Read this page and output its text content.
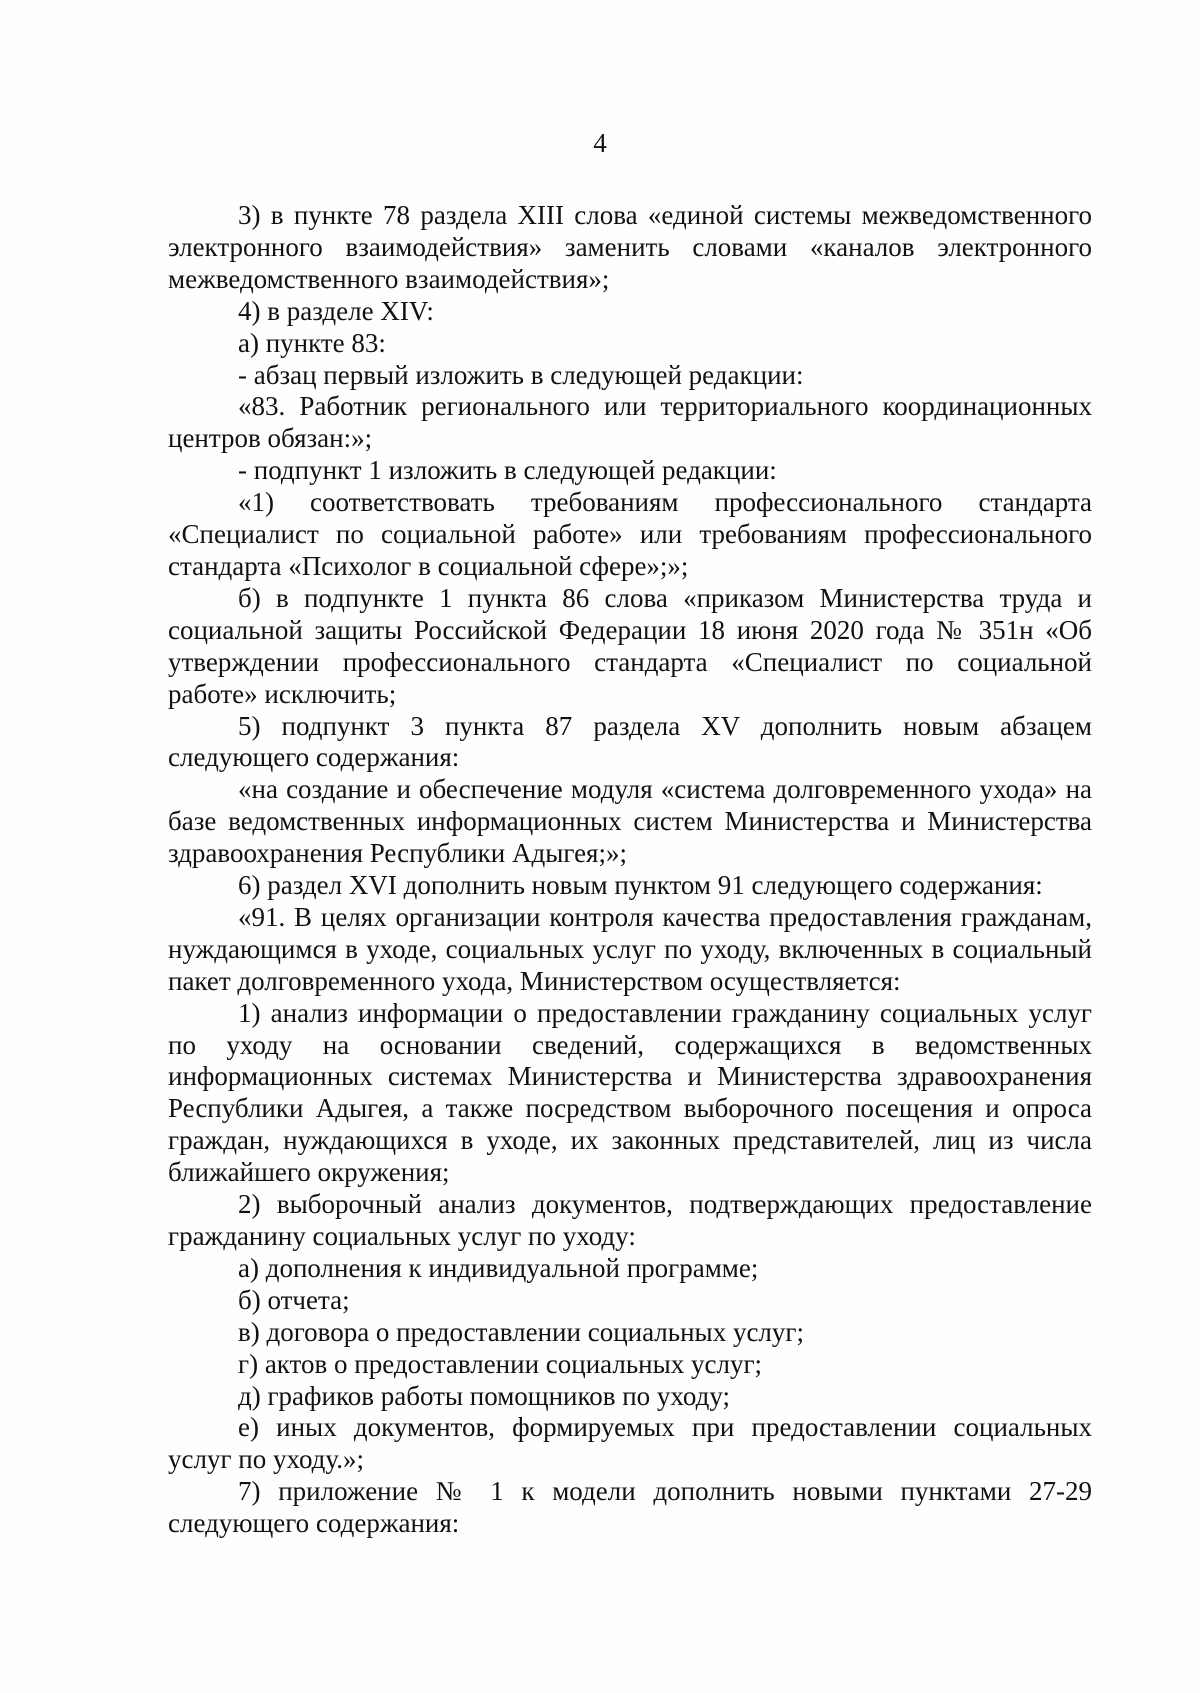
4

3) в пункте 78 раздела XIII слова «единой системы межведомственного электронного взаимодействия» заменить словами «каналов электронного межведомственного взаимодействия»;

4) в разделе XIV:

а) пункте 83:

- абзац первый изложить в следующей редакции:

«83. Работник регионального или территориального координационных центров обязан:»;

- подпункт 1 изложить в следующей редакции:

«1) соответствовать требованиям профессионального стандарта «Специалист по социальной работе» или требованиям профессионального стандарта «Психолог в социальной сфере»;»;

б) в подпункте 1 пункта 86 слова «приказом Министерства труда и социальной защиты Российской Федерации 18 июня 2020 года № 351н «Об утверждении профессионального стандарта «Специалист по социальной работе» исключить;

5) подпункт 3 пункта 87 раздела XV дополнить новым абзацем следующего содержания:

«на создание и обеспечение модуля «система долговременного ухода» на базе ведомственных информационных систем Министерства и Министерства здравоохранения Республики Адыгея;»;

6) раздел XVI дополнить новым пунктом 91 следующего содержания:

«91. В целях организации контроля качества предоставления гражданам, нуждающимся в уходе, социальных услуг по уходу, включенных в социальный пакет долговременного ухода, Министерством осуществляется:

1) анализ информации о предоставлении гражданину социальных услуг по уходу на основании сведений, содержащихся в ведомственных информационных системах Министерства и Министерства здравоохранения Республики Адыгея, а также посредством выборочного посещения и опроса граждан, нуждающихся в уходе, их законных представителей, лиц из числа ближайшего окружения;

2) выборочный анализ документов, подтверждающих предоставление гражданину социальных услуг по уходу:

а) дополнения к индивидуальной программе;

б) отчета;

в) договора о предоставлении социальных услуг;

г) актов о предоставлении социальных услуг;

д) графиков работы помощников по уходу;

е) иных документов, формируемых при предоставлении социальных услуг по уходу.»;

7) приложение № 1 к модели дополнить новыми пунктами 27-29 следующего содержания:
